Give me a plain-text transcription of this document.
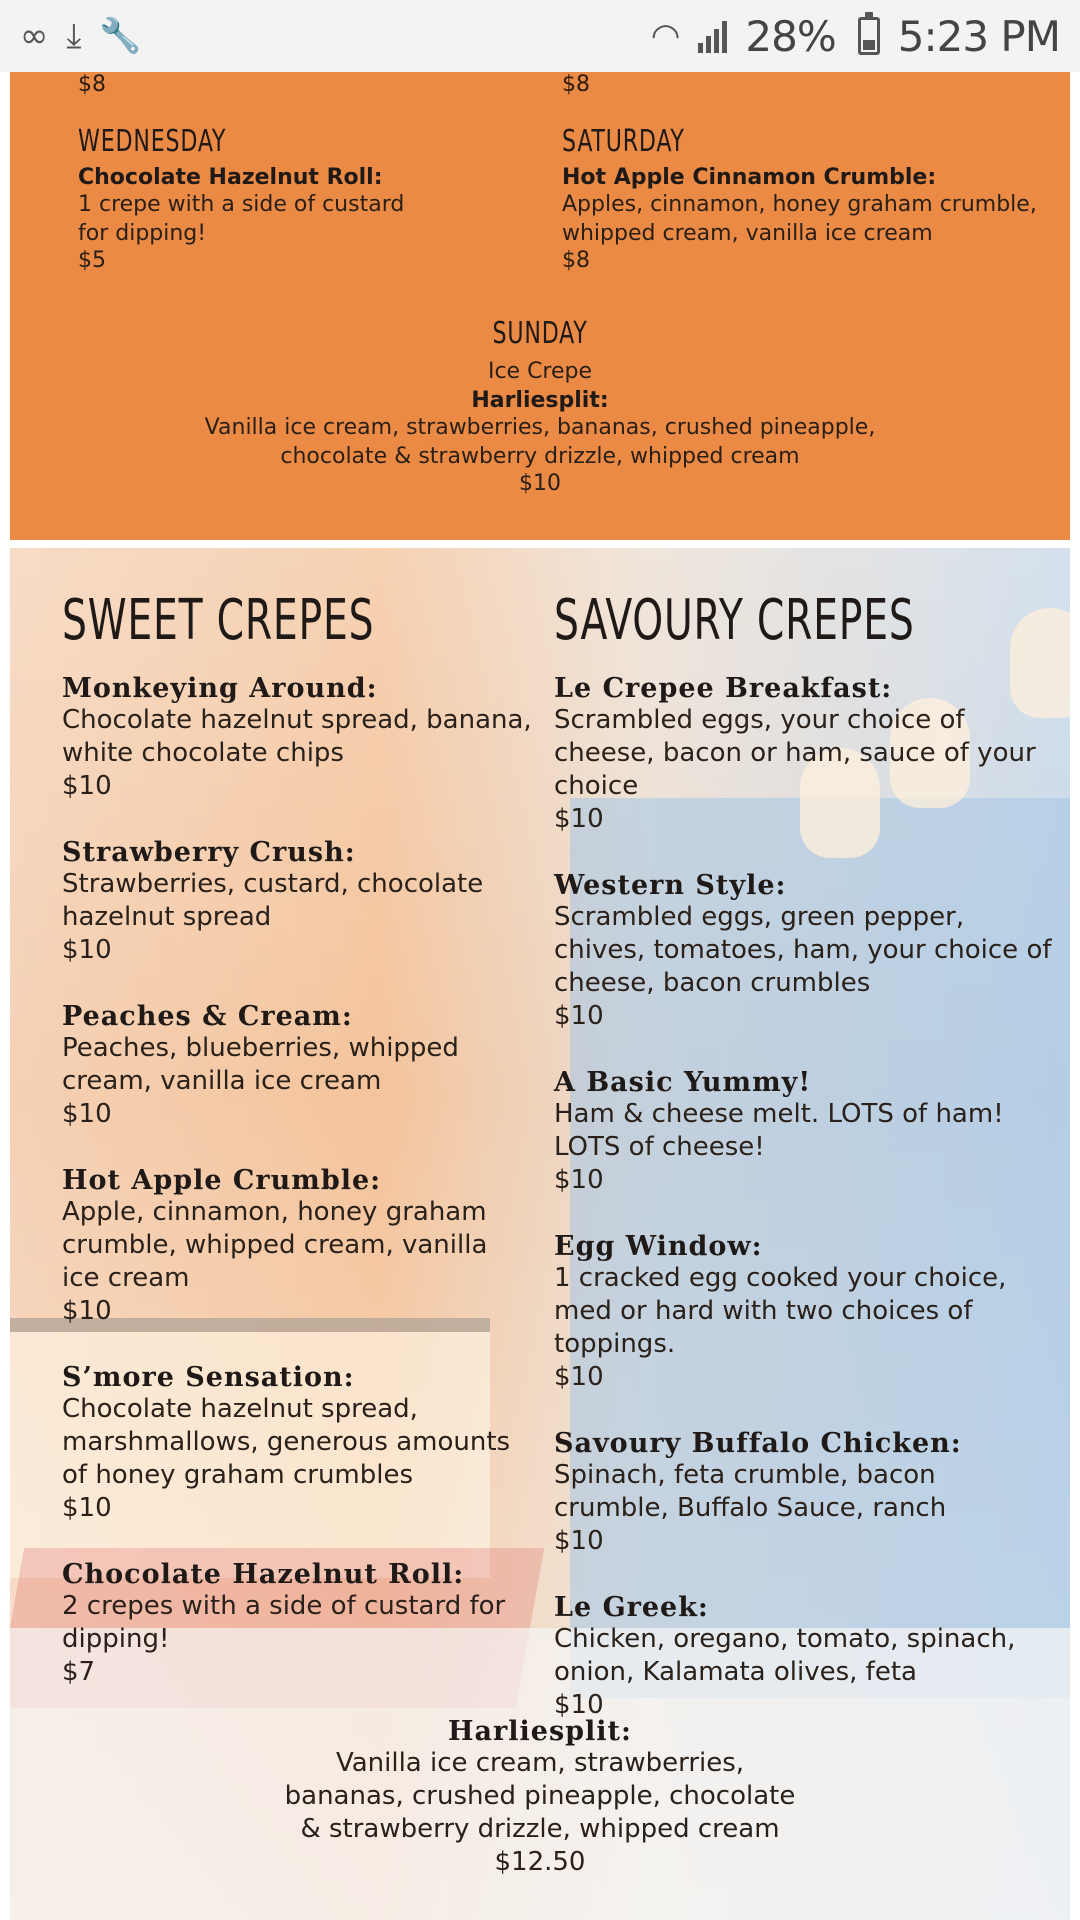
∞ ⤓ 🔧	◠ 28% 5:23 PM
$8	$8
WEDNESDAY
Chocolate Hazelnut Roll:
1 crepe with a side of custard for dipping!
$5
SATURDAY
Hot Apple Cinnamon Crumble:
Apples, cinnamon, honey graham crumble, whipped cream, vanilla ice cream
$8
SUNDAY
Ice Crepe
Harliesplit:
Vanilla ice cream, strawberries, bananas, crushed pineapple, chocolate & strawberry drizzle, whipped cream
$10
SWEET CREPES
Monkeying Around:
Chocolate hazelnut spread, banana, white chocolate chips
$10
Strawberry Crush:
Strawberries, custard, chocolate hazelnut spread
$10
Peaches & Cream:
Peaches, blueberries, whipped cream, vanilla ice cream
$10
Hot Apple Crumble:
Apple, cinnamon, honey graham crumble, whipped cream, vanilla ice cream
$10
S’more Sensation:
Chocolate hazelnut spread, marshmallows, generous amounts of honey graham crumbles
$10
Chocolate Hazelnut Roll:
2 crepes with a side of custard for dipping!
$7
SAVOURY CREPES
Le Crepee Breakfast:
Scrambled eggs, your choice of cheese, bacon or ham, sauce of your choice
$10
Western Style:
Scrambled eggs, green pepper, chives, tomatoes, ham, your choice of cheese, bacon crumbles
$10
A Basic Yummy!
Ham & cheese melt. LOTS of ham! LOTS of cheese!
$10
Egg Window:
1 cracked egg cooked your choice, med or hard with two choices of toppings.
$10
Savoury Buffalo Chicken:
Spinach, feta crumble, bacon crumble, Buffalo Sauce, ranch
$10
Le Greek:
Chicken, oregano, tomato, spinach, onion, Kalamata olives, feta
$10
Harliesplit:
Vanilla ice cream, strawberries, bananas, crushed pineapple, chocolate & strawberry drizzle, whipped cream
$12.50
